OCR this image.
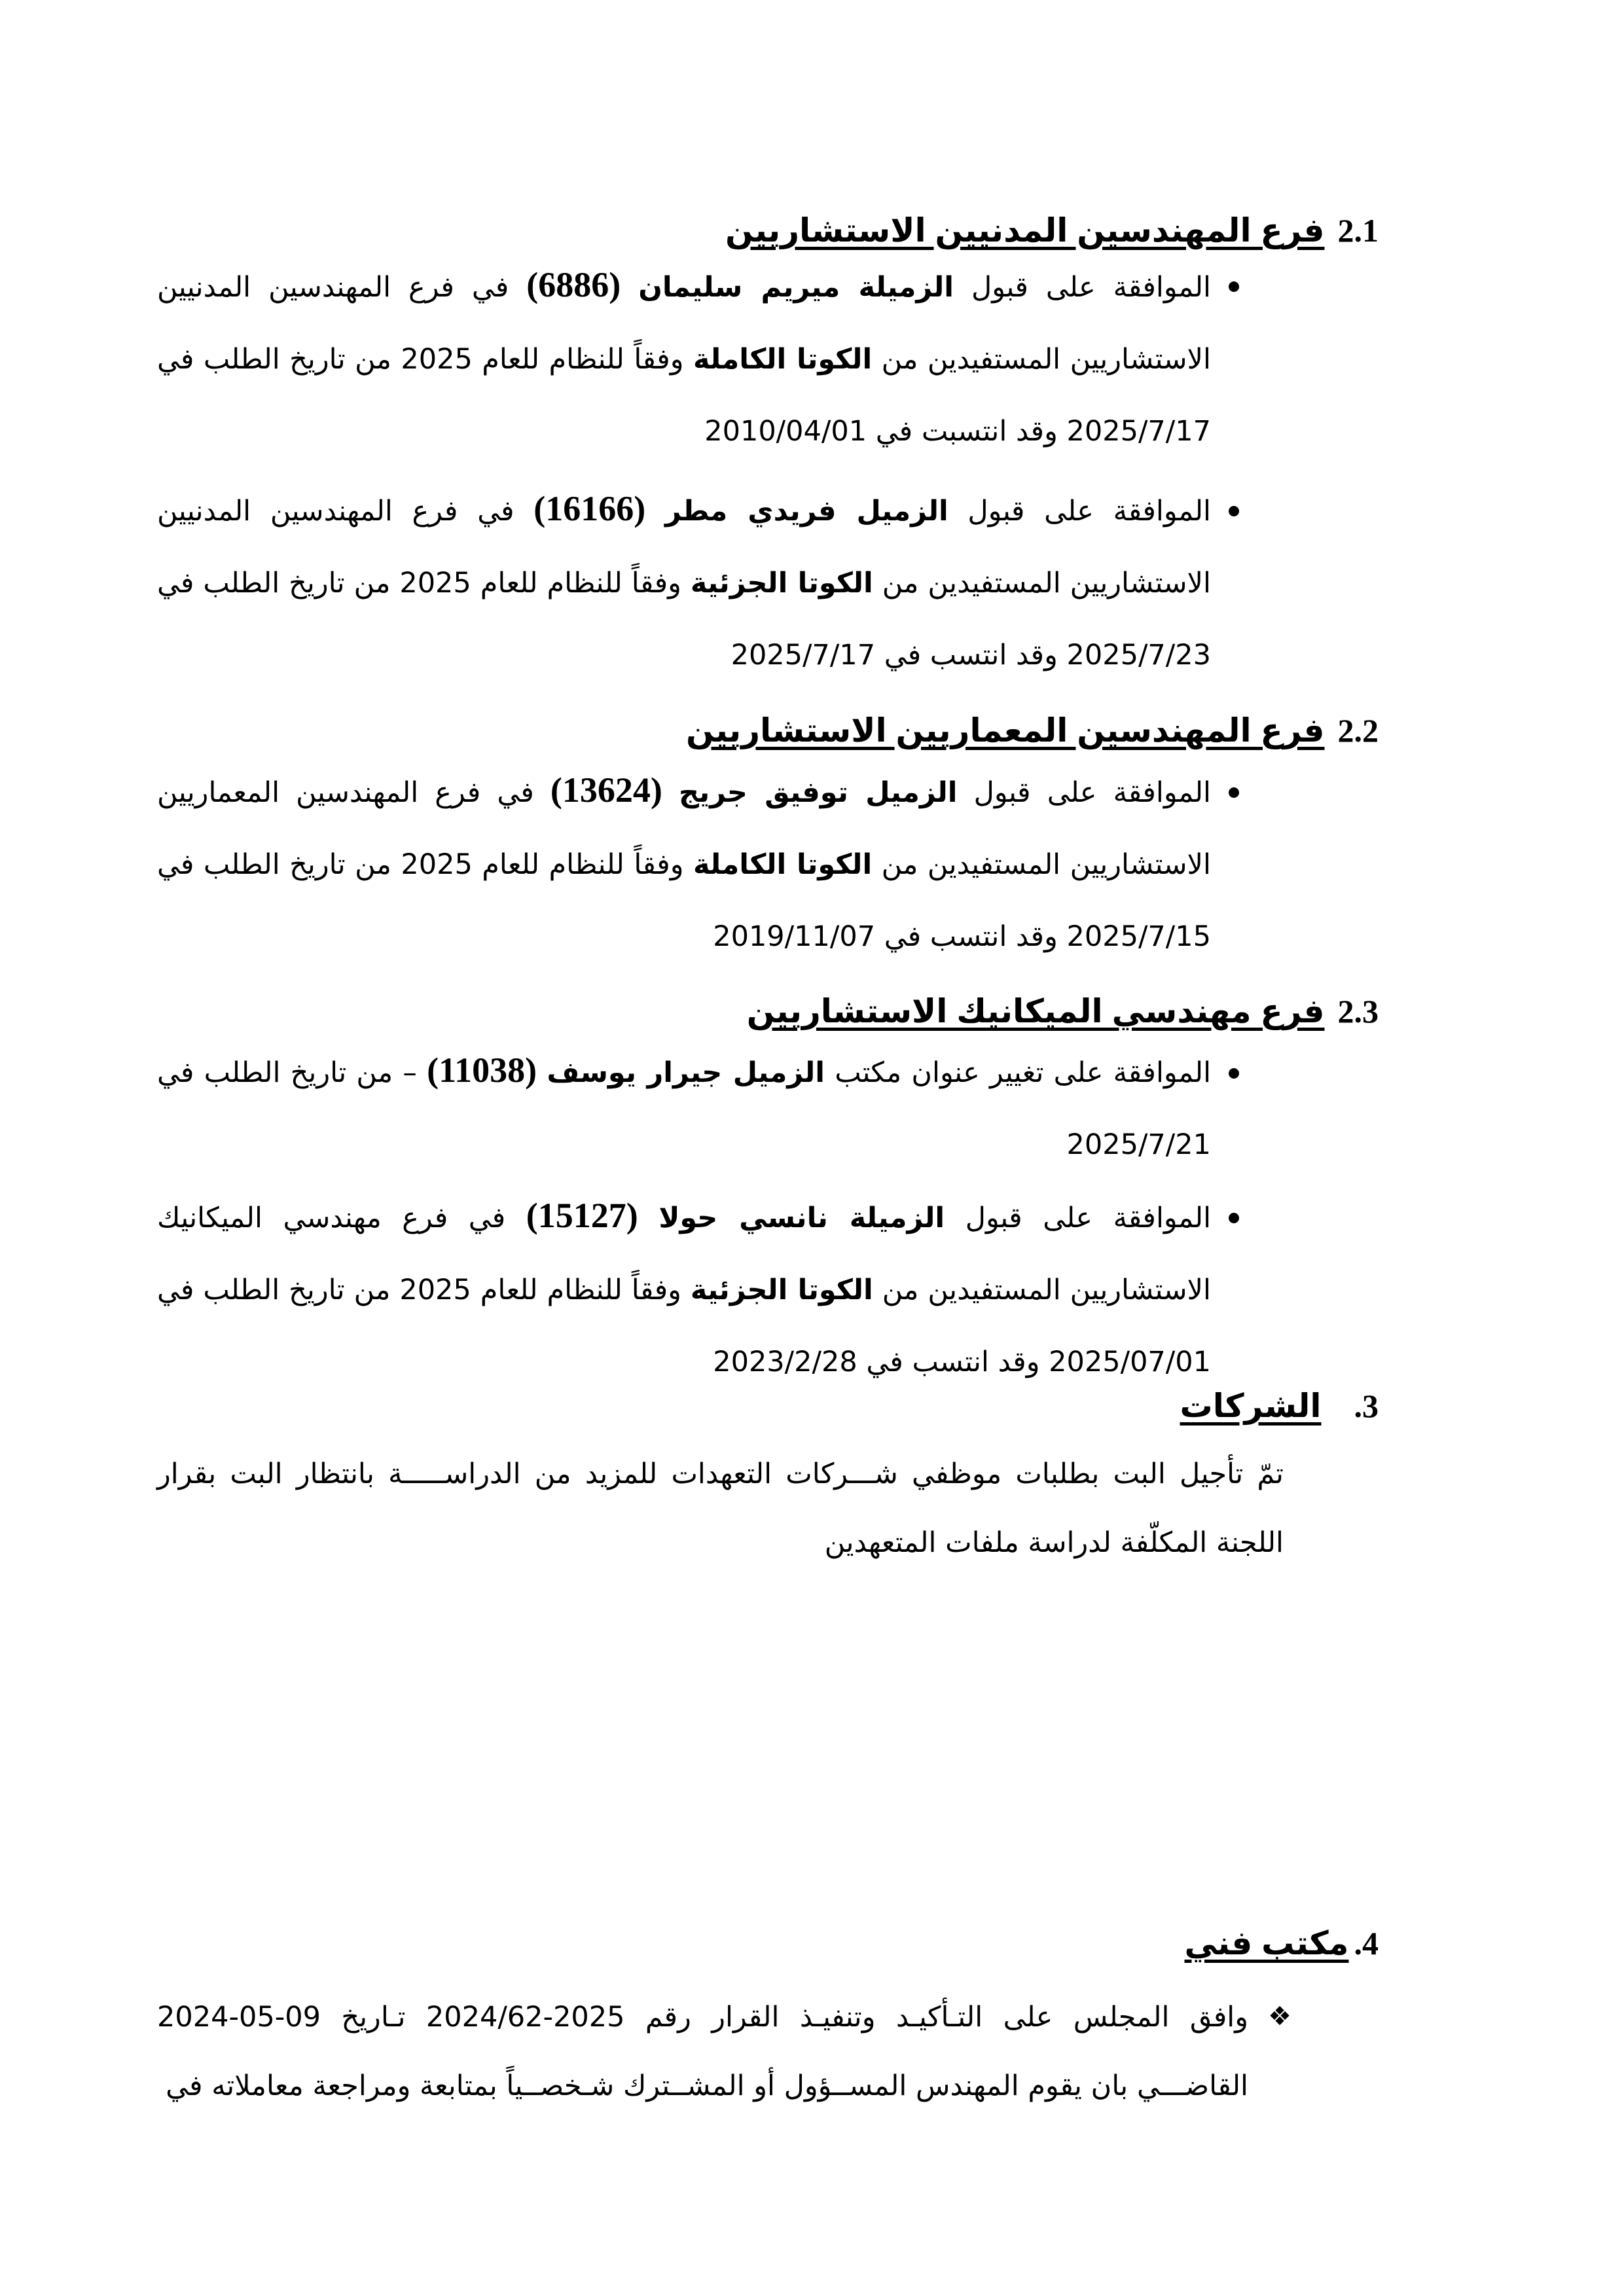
2.1فرع المهندسين المدنيين الاستشاريين
الموافقة على قبول الزميلة ميريم سليمان (6886) في فرع المهندسين المدنيين الاستشاريين المستفيدين من الكوتا الكاملة وفقاً للنظام للعام 2025 من تاريخ الطلب في 2025/7/17 وقد انتسبت في 2010/04/01
الموافقة على قبول الزميل فريدي مطر (16166) في فرع المهندسين المدنيين الاستشاريين المستفيدين من الكوتا الجزئية وفقاً للنظام للعام 2025 من تاريخ الطلب في 2025/7/23 وقد انتسب في 2025/7/17
2.2فرع المهندسين المعماريين الاستشاريين
الموافقة على قبول الزميل توفيق جريج (13624) في فرع المهندسين المعماريين الاستشاريين المستفيدين من الكوتا الكاملة وفقاً للنظام للعام 2025 من تاريخ الطلب في 2025/7/15 وقد انتسب في 2019/11/07
2.3فرع مهندسي الميكانيك الاستشاريين
الموافقة على تغيير عنوان مكتب الزميل جيرار يوسف (11038) – من تاريخ الطلب في 2025/7/21
الموافقة على قبول الزميلة نانسي حولا (15127) في فرع مهندسي الميكانيك الاستشاريين المستفيدين من الكوتا الجزئية وفقاً للنظام للعام 2025 من تاريخ الطلب في 2025/07/01 وقد انتسب في 2023/2/28
3.الشركات
تمّ تأجيل البت بطلبات موظفي شـــركات التعهدات للمزيد من الدراســـــة بانتظار البت بقرار اللجنة المكلّفة لدراسة ملفات المتعهدين
4.مكتب فني
❖
وافق المجلس على التـأكيـد وتنفيـذ القرار رقم 2025-2024/62 تـاريخ 09-05-2024 القاضـــي بان يقوم المهندس المســؤول أو المشــترك شـخصــياً بمتابعة ومراجعة معاملاته في
